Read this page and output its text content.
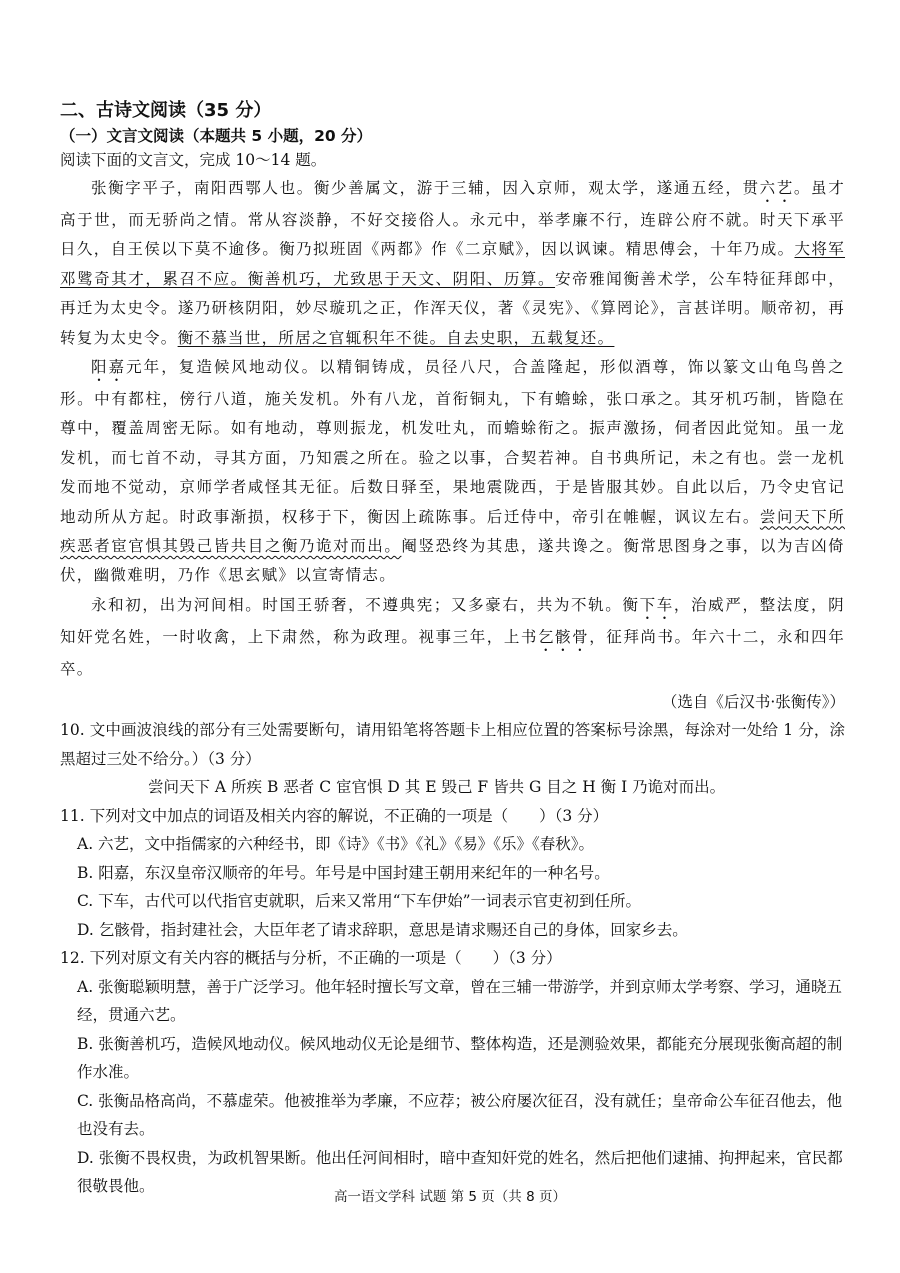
二、古诗文阅读（35 分）

（一）文言文阅读（本题共 5 小题，20 分）

阅读下面的文言文，完成 10～14 题。

张衡字平子，南阳西鄂人也。衡少善属文，游于三辅，因入京师，观太学，遂通五经，贯六艺。虽才高于世，而无骄尚之情。常从容淡静，不好交接俗人。永元中，举孝廉不行，连辟公府不就。时天下承平日久，自王侯以下莫不逾侈。衡乃拟班固《两都》作《二京赋》，因以讽谏。精思傅会，十年乃成。大将军邓骘奇其才，累召不应。衡善机巧，尤致思于天文、阴阳、历算。安帝雅闻衡善术学，公车特征拜郎中，再迁为太史令。遂乃研核阴阳，妙尽璇玑之正，作浑天仪，著《灵宪》、《算罔论》，言甚详明。顺帝初，再转复为太史令。衡不慕当世，所居之官辄积年不徙。自去史职，五载复还。

阳嘉元年，复造候风地动仪。以精铜铸成，员径八尺，合盖隆起，形似酒尊，饰以篆文山龟鸟兽之形。中有都柱，傍行八道，施关发机。外有八龙，首衔铜丸，下有蟾蜍，张口承之。其牙机巧制，皆隐在尊中，覆盖周密无际。如有地动，尊则振龙，机发吐丸，而蟾蜍衔之。振声激扬，伺者因此觉知。虽一龙发机，而七首不动，寻其方面，乃知震之所在。验之以事，合契若神。自书典所记，未之有也。尝一龙机发而地不觉动，京师学者咸怪其无征。后数日驿至，果地震陇西，于是皆服其妙。自此以后，乃令史官记地动所从方起。时政事渐损，权移于下，衡因上疏陈事。后迁侍中，帝引在帷幄，讽议左右。尝问天下所疾恶者宦官惧其毁己皆共目之衡乃诡对而出。阉竖恐终为其患，遂共谗之。衡常思图身之事，以为吉凶倚伏，幽微难明，乃作《思玄赋》以宣寄情志。

永和初，出为河间相。时国王骄奢，不遵典宪；又多豪右，共为不轨。衡下车，治威严，整法度，阴知奸党名姓，一时收禽，上下肃然，称为政理。视事三年，上书乞骸骨，征拜尚书。年六十二，永和四年卒。

（选自《后汉书·张衡传》）

10. 文中画波浪线的部分有三处需要断句，请用铅笔将答题卡上相应位置的答案标号涂黑，每涂对一处给 1 分，涂黑超过三处不给分。）（3 分）

尝问天下 A 所疾 B 恶者 C 宦官惧 D 其 E 毁己 F 皆共 G 目之 H 衡 I 乃诡对而出。

11. 下列对文中加点的词语及相关内容的解说，不正确的一项是（　　）（3 分）

A. 六艺，文中指儒家的六种经书，即《诗》《书》《礼》《易》《乐》《春秋》。

B. 阳嘉，东汉皇帝汉顺帝的年号。年号是中国封建王朝用来纪年的一种名号。

C. 下车，古代可以代指官吏就职，后来又常用“下车伊始”一词表示官吏初到任所。

D. 乞骸骨，指封建社会，大臣年老了请求辞职，意思是请求赐还自己的身体，回家乡去。

12. 下列对原文有关内容的概括与分析，不正确的一项是（　　）（3 分）

A. 张衡聪颖明慧，善于广泛学习。他年轻时擅长写文章，曾在三辅一带游学，并到京师太学考察、学习，通晓五经，贯通六艺。

B. 张衡善机巧，造候风地动仪。候风地动仪无论是细节、整体构造，还是测验效果，都能充分展现张衡高超的制作水准。

C. 张衡品格高尚，不慕虚荣。他被推举为孝廉，不应荐；被公府屡次征召，没有就任；皇帝命公车征召他去，他也没有去。

D. 张衡不畏权贵，为政机智果断。他出任河间相时，暗中查知奸党的姓名，然后把他们逮捕、拘押起来，官民都很敬畏他。

高一语文学科 试题 第 5 页（共 8 页）
